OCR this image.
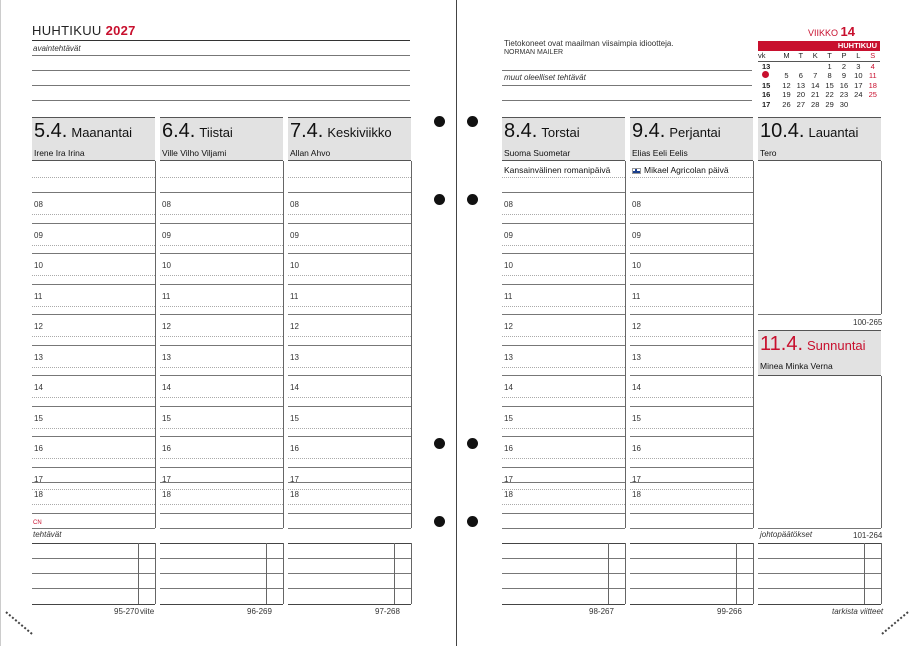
HUHTIKUU 2027
avaintehtävät
Tietokoneet ovat maailman viisaimpia idiootteja.
NORMAN MAILER
muut oleelliset tehtävät
VIIKKO 14
HUHTIKUU
vk	M	T	K	T	P	L	S
13				1	2	3	4
	5	6	7	8	9	10	11
15	12	13	14	15	16	17	18
16	19	20	21	22	23	24	25
17	26	27	28	29	30		
5.4. Maanantai
Irene Ira Irina
08
09
10
11
12
13
14
15
16
17
18
95-270
6.4. Tiistai
Ville Vilho Viljami
08
09
10
11
12
13
14
15
16
17
18
96-269
7.4. Keskiviikko
Allan Ahvo
08
09
10
11
12
13
14
15
16
17
18
97-268
8.4. Torstai
Suoma Suometar
Kansainvälinen romanipäivä
08
09
10
11
12
13
14
15
16
17
18
98-267
9.4. Perjantai
Elias Eeli Eelis
Mikael Agricolan päivä
08
09
10
11
12
13
14
15
16
17
18
99-266
10.4. Lauantai
Tero
100-265
11.4. Sunnuntai
Minea Minka Verna
101-264
CN
tehtävät
viite
johtopäätökset
tarkista viitteet
